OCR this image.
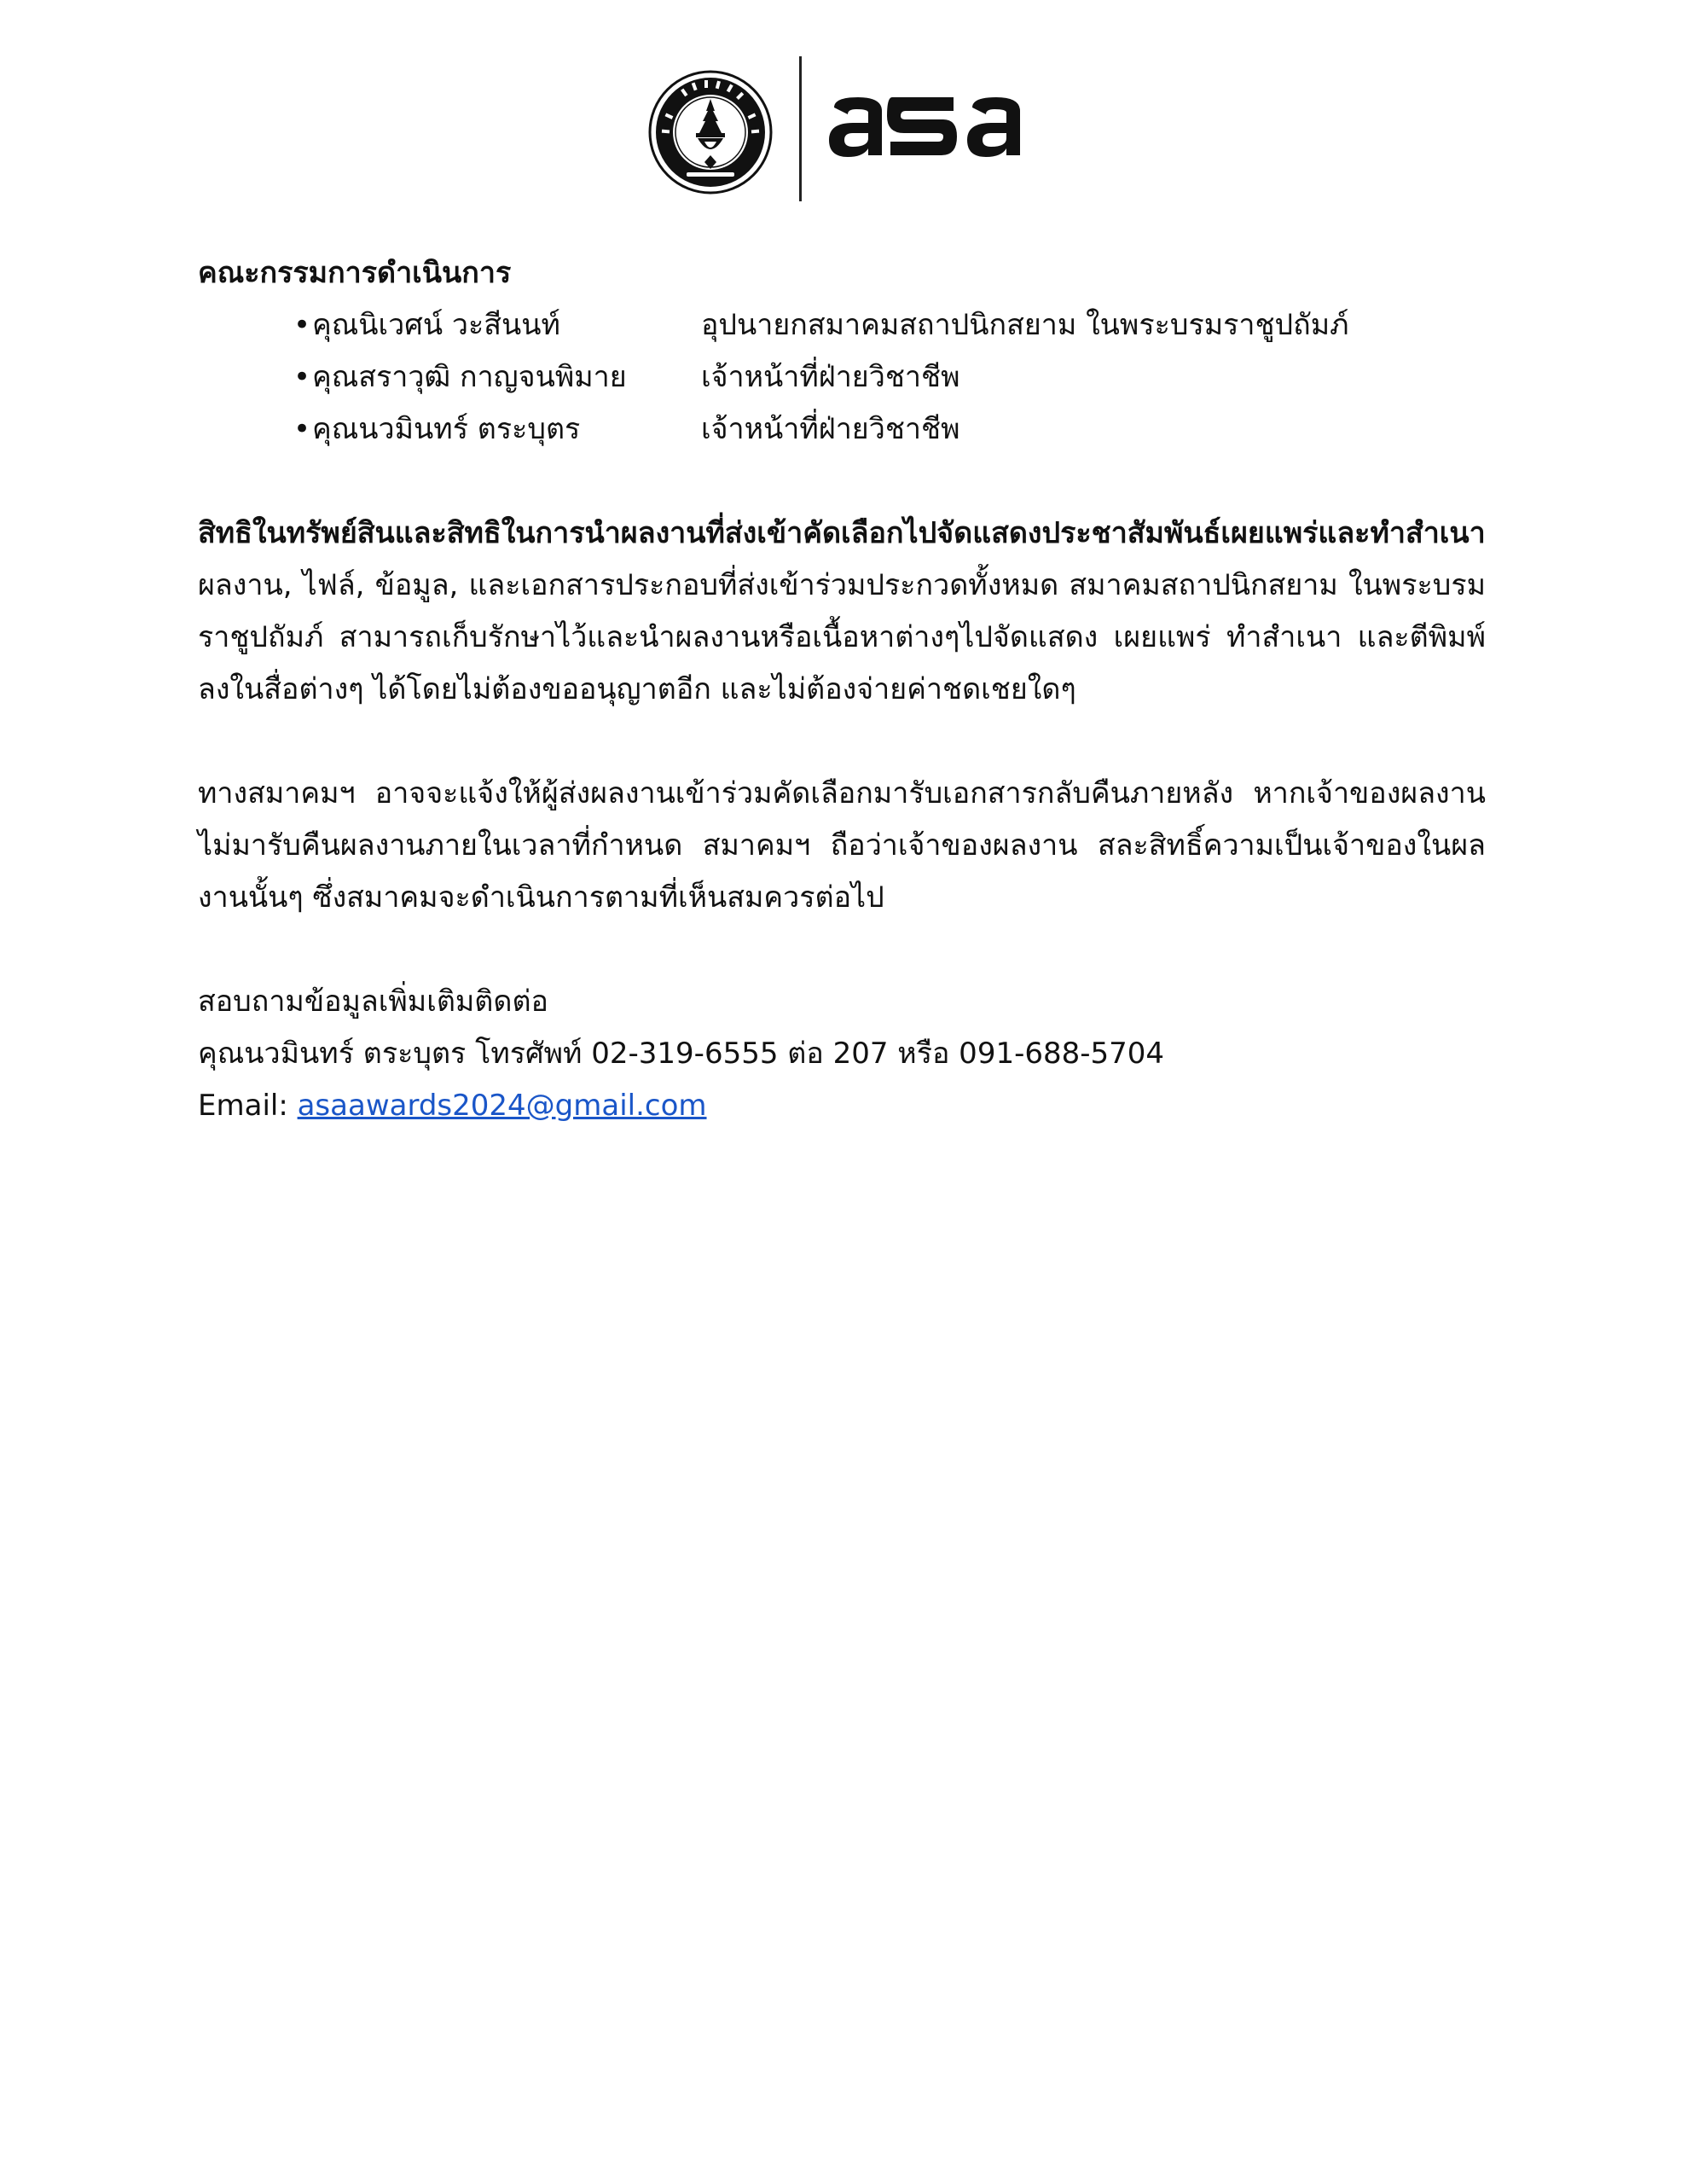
คณะกรรมการดำเนินการ

• คุณนิเวศน์ วะสีนนท์	อุปนายกสมาคมสถาปนิกสยาม ในพระบรมราชูปถัมภ์
• คุณสราวุฒิ กาญจนพิมาย	เจ้าหน้าที่ฝ่ายวิชาชีพ
• คุณนวมินทร์ ตระบุตร	เจ้าหน้าที่ฝ่ายวิชาชีพ

สิทธิในทรัพย์สินและสิทธิในการนำผลงานที่ส่งเข้าคัดเลือกไปจัดแสดงประชาสัมพันธ์เผยแพร่และทำสำเนา

ผลงาน, ไฟล์, ข้อมูล, และเอกสารประกอบที่ส่งเข้าร่วมประกวดทั้งหมด สมาคมสถาปนิกสยาม ในพระบรมราชูปถัมภ์ สามารถเก็บรักษาไว้และนำผลงานหรือเนื้อหาต่างๆไปจัดแสดง เผยแพร่ ทำสำเนา และตีพิมพ์ลงในสื่อต่างๆ ได้โดยไม่ต้องขออนุญาตอีก และไม่ต้องจ่ายค่าชดเชยใดๆ

ทางสมาคมฯ อาจจะแจ้งให้ผู้ส่งผลงานเข้าร่วมคัดเลือกมารับเอกสารกลับคืนภายหลัง หากเจ้าของผลงานไม่มารับคืนผลงานภายในเวลาที่กำหนด สมาคมฯ ถือว่าเจ้าของผลงาน สละสิทธิ์ความเป็นเจ้าของในผลงานนั้นๆ ซึ่งสมาคมจะดำเนินการตามที่เห็นสมควรต่อไป

สอบถามข้อมูลเพิ่มเติมติดต่อ

คุณนวมินทร์ ตระบุตร โทรศัพท์ 02-319-6555 ต่อ 207 หรือ 091-688-5704

Email: asaawards2024@gmail.com
